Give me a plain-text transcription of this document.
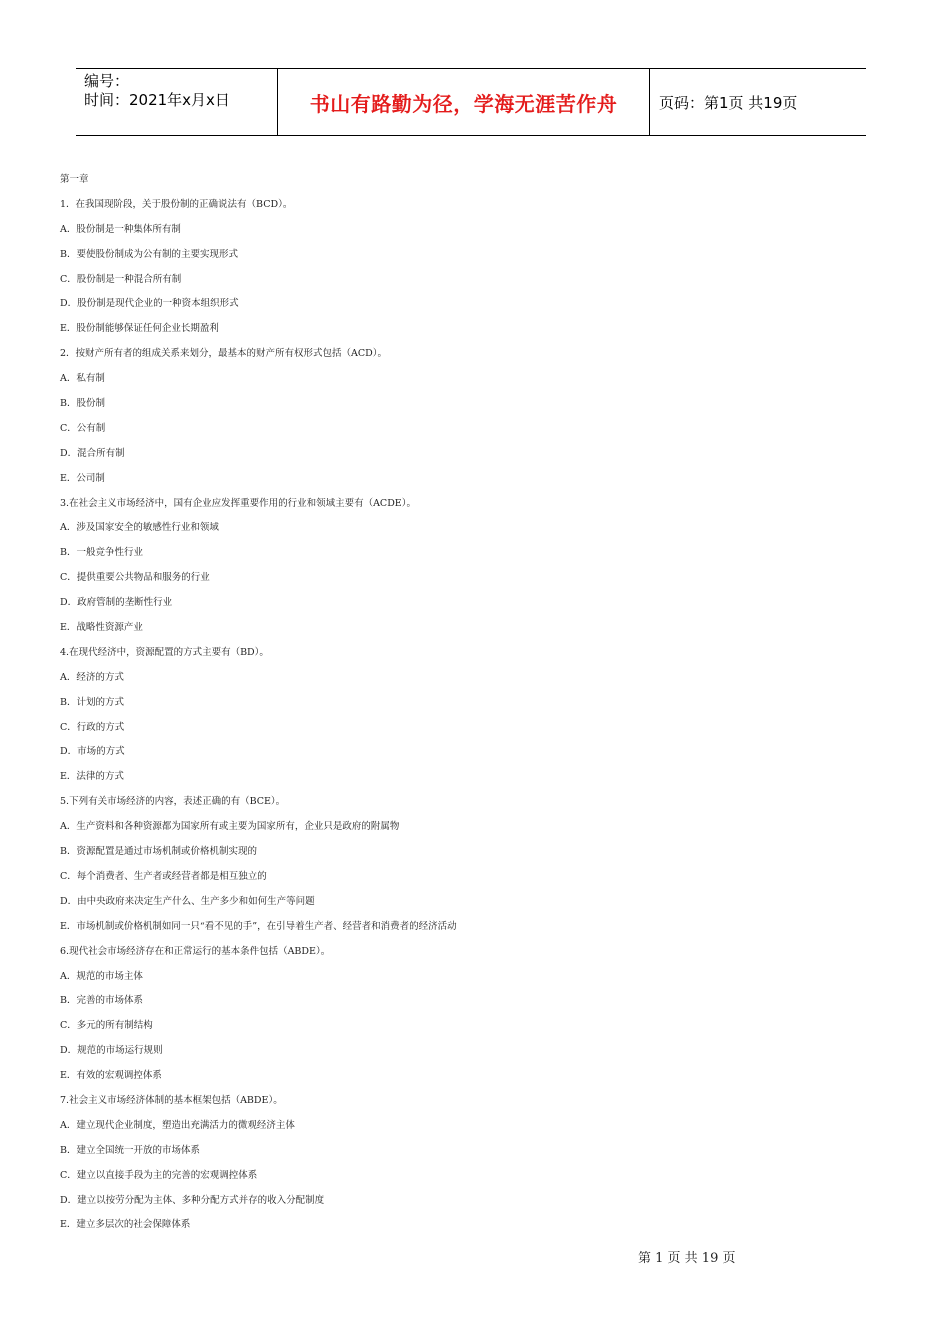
编号：
时间：2021年x月x日	书山有路勤为径，学海无涯苦作舟	页码：第1页 共19页
第一章
1．在我国现阶段，关于股份制的正确说法有（BCD）。
A．股份制是一种集体所有制
B．要使股份制成为公有制的主要实现形式
C．股份制是一种混合所有制
D．股份制是现代企业的一种资本组织形式
E．股份制能够保证任何企业长期盈利
2．按财产所有者的组成关系来划分，最基本的财产所有权形式包括（ACD）。
A．私有制
B．股份制
C．公有制
D．混合所有制
E．公司制
3.在社会主义市场经济中，国有企业应发挥重要作用的行业和领域主要有（ACDE）。
A．涉及国家安全的敏感性行业和领域
B．一般竞争性行业
C．提供重要公共物品和服务的行业
D．政府管制的垄断性行业
E．战略性资源产业
4.在现代经济中，资源配置的方式主要有（BD）。
A．经济的方式
B．计划的方式
C．行政的方式
D．市场的方式
E．法律的方式
5.下列有关市场经济的内容，表述正确的有（BCE）。
A．生产资料和各种资源都为国家所有或主要为国家所有，企业只是政府的附属物
B．资源配置是通过市场机制或价格机制实现的
C．每个消费者、生产者或经营者都是相互独立的
D．由中央政府来决定生产什么、生产多少和如何生产等问题
E．市场机制或价格机制如同一只“看不见的手”，在引导着生产者、经营者和消费者的经济活动
6.现代社会市场经济存在和正常运行的基本条件包括（ABDE）。
A．规范的市场主体
B．完善的市场体系
C．多元的所有制结构
D．规范的市场运行规则
E．有效的宏观调控体系
7.社会主义市场经济体制的基本框架包括（ABDE）。
A．建立现代企业制度，塑造出充满活力的微观经济主体
B．建立全国统一开放的市场体系
C．建立以直接手段为主的完善的宏观调控体系
D．建立以按劳分配为主体、多种分配方式并存的收入分配制度
E．建立多层次的社会保障体系
第 1 页 共 19 页
